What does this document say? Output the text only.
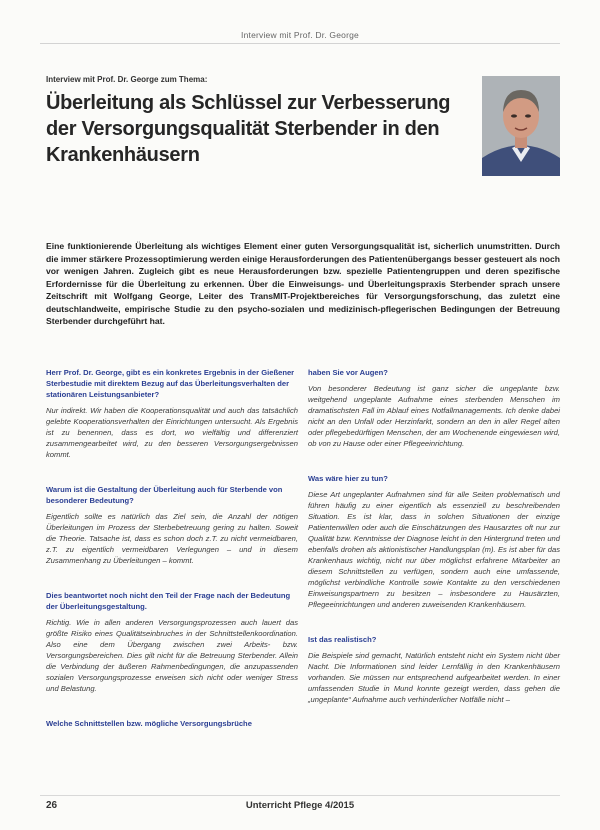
Interview mit Prof. Dr. George
Interview mit Prof. Dr. George zum Thema:
Überleitung als Schlüssel zur Verbesserung der Versorgungsqualität Sterbender in den Krankenhäusern

Eine funktionierende Überleitung als wichtiges Element einer guten Versorgungsqualität ist, sicherlich unumstritten. Durch die immer stärkere Prozessoptimierung werden einige Herausforderungen des Patientenübergangs besser gesteuert als noch vor wenigen Jahren. Zugleich gibt es neue Herausforderungen bzw. spezielle Patientengruppen und deren spezifische Erfordernisse für die Überleitung zu erkennen. Über die Einweisungs- und Überleitungspraxis Sterbender sprach unsere Zeitschrift mit Wolfgang George, Leiter des TransMIT-Projektbereiches für Versorgungsforschung, das zuletzt eine deutschlandweite, empirische Studie zu den psycho-sozialen und medizinisch-pflegerischen Bedingungen der Betreuung Sterbender durchgeführt hat.

Herr Prof. Dr. George, gibt es ein konkretes Ergebnis in der Gießener Sterbestudie mit direktem Bezug auf das Überleitungsverhalten der stationären Leistungsanbieter?

Nur indirekt. Wir haben die Kooperationsqualität und auch das tatsächlich gelebte Kooperationsverhalten der Einrichtungen untersucht. Als Ergebnis ist zu benennen, dass es dort, wo vielfältig und differenziert zusammengearbeitet wird, zu den besseren Versorgungsergebnissen kommt.

Warum ist die Gestaltung der Überleitung auch für Sterbende von besonderer Bedeutung?

Eigentlich sollte es natürlich das Ziel sein, die Anzahl der nötigen Überleitungen im Prozess der Sterbebetreuung gering zu halten. Soweit die Theorie. Tatsache ist, dass es schon doch z.T. zu nicht vermeidbaren, z.T. zu eigentlich vermeidbaren Verlegungen – und in diesem Zusammenhang zu Überleitungen – kommt.

Dies beantwortet noch nicht den Teil der Frage nach der Bedeutung der Überleitungsgestaltung.

Richtig. Wie in allen anderen Versorgungsprozessen auch lauert das größte Risiko eines Qualitätseinbruches in der Schnittstellenkoordination. Also eine dem Übergang zwischen zwei Arbeits- bzw. Versorgungsbereichen. Dies gilt nicht für die Betreuung Sterbender. Allein die Verbindung der äußeren Rahmenbedingungen, die anzupassenden sozialen Versorgungsprozesse erweisen sich nicht oder weniger Stress und Belastung.

Welche Schnittstellen bzw. mögliche Versorgungsbrüche

haben Sie vor Augen?

Von besonderer Bedeutung ist ganz sicher die ungeplante bzw. weitgehend ungeplante Aufnahme eines sterbenden Menschen im dramatischsten Fall im Ablauf eines Notfallmanagements. Ich denke dabei nicht an den Unfall oder Herzinfarkt, sondern an den in aller Regel alten oder pflegebedürftigen Menschen, der am Wochenende eingewiesen wird, ob von zu Hause oder einer Pflegeeinrichtung.

Was wäre hier zu tun?

Diese Art ungeplanter Aufnahmen sind für alle Seiten problematisch und führen häufig zu einer eigentlich als essenziell zu beschreibenden Situation. Es ist klar, dass in solchen Situationen der einzige Patientenwillen oder auch die Einschätzungen des Hausarztes oft nur zur Qualität bzw. Kenntnisse der Diagnose leicht in den Hintergrund treten und ebenfalls drohen als aktionistischer Handlungsplan (m). Es ist aber für das Krankenhaus wichtig, nicht nur über möglichst erfahrene Mitarbeiter an diesem Schnittstellen zu verfügen, sondern auch eine umfassende, möglichst verbindliche Kontrolle sowie Kontakte zu den verschiedenen Einweisungspartnern zu besitzen – insbesondere zu Hausärzten, Pflegeeinrichtungen und anderen zuweisenden Krankenhäusern.

Ist das realistisch?

Die Beispiele sind gemacht, Natürlich entsteht nicht ein System nicht über Nacht. Die Informationen sind leider Lernfällig in den Krankenhäusern vorhanden. Sie müssen nur entsprechend aufgearbeitet werden. In einer umfassenden Studie in Mund konnte gezeigt werden, dass gehen die „ungeplante“ Aufnahme auch verhinderlicher Notfälle nicht –

26	Unterricht Pflege 4/2015
